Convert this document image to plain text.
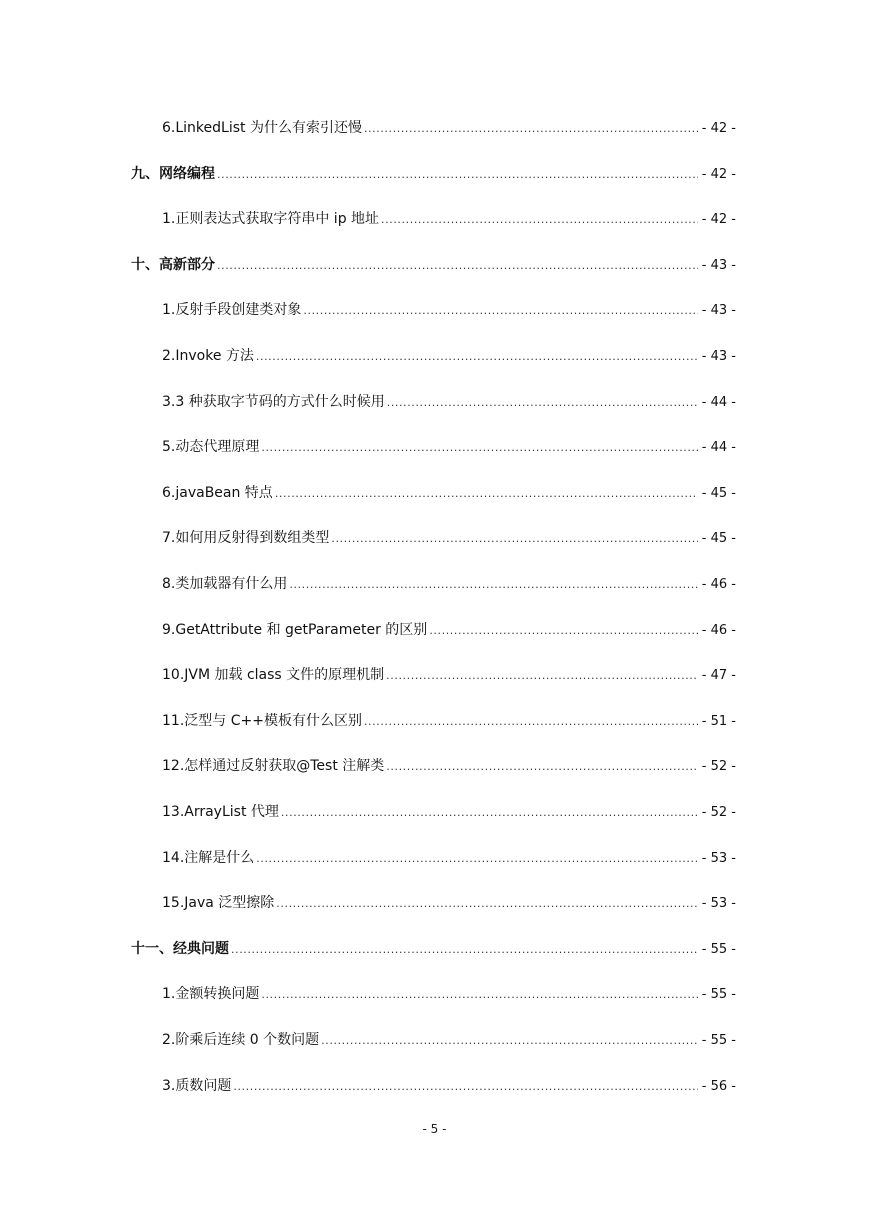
6.LinkedList 为什么有索引还慢 .....	- 42 -
九、网络编程 .....	- 42 -
1.正则表达式获取字符串中 ip 地址 .....	- 42 -
十、高新部分 .....	- 43 -
1.反射手段创建类对象 .....	- 43 -
2.Invoke 方法 .....	- 43 -
3.3 种获取字节码的方式什么时候用 .....	- 44 -
5.动态代理原理 .....	- 44 -
6.javaBean 特点 .....	- 45 -
7.如何用反射得到数组类型 .....	- 45 -
8.类加载器有什么用 .....	- 46 -
9.GetAttribute 和 getParameter 的区别 .....	- 46 -
10.JVM 加载 class 文件的原理机制 .....	- 47 -
11.泛型与 C++模板有什么区别 .....	- 51 -
12.怎样通过反射获取@Test 注解类 .....	- 52 -
13.ArrayList 代理 .....	- 52 -
14.注解是什么 .....	- 53 -
15.Java 泛型擦除 .....	- 53 -
十一、经典问题 .....	- 55 -
1.金额转换问题 .....	- 55 -
2.阶乘后连续 0 个数问题 .....	- 55 -
3.质数问题 .....	- 56 -
- 5 -
